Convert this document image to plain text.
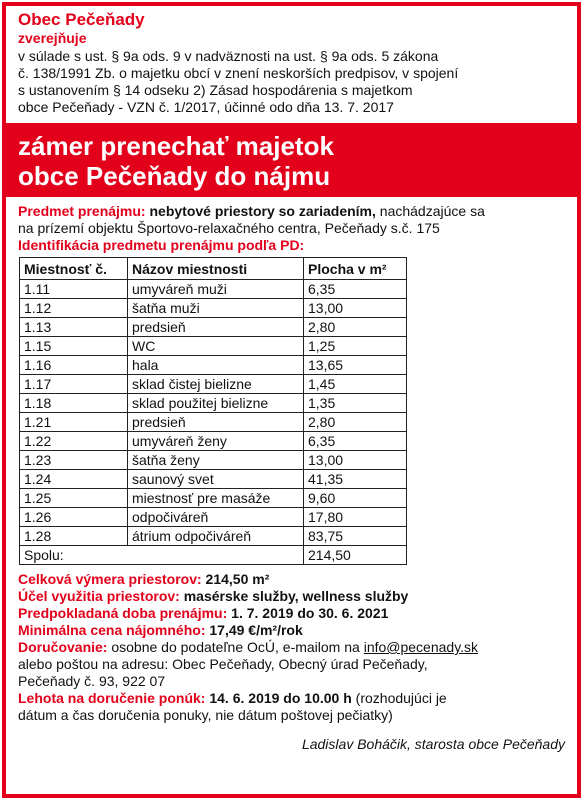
Obec Pečeňady
zverejňuje
v súlade s ust. § 9a ods. 9 v nadväznosti na ust. § 9a ods. 5 zákona
č. 138/1991 Zb. o majetku obcí v znení neskorších predpisov, v spojení
s ustanovením § 14 odseku 2) Zásad hospodárenia s majetkom
obce Pečeňady - VZN č. 1/2017, účinné odo dňa 13. 7. 2017
zámer prenechať majetok
obce Pečeňady do nájmu
Predmet prenájmu: nebytové priestory so zariadením, nachádzajúce sa
na prízemí objektu Športovo-relaxačného centra, Pečeňady s.č. 175
Identifikácia predmetu prenájmu podľa PD:
Miestnosť č.	Názov miestnosti	Plocha v m²
1.11	umyváreň muži	6,35
1.12	šatňa muži	13,00
1.13	predsieň	2,80
1.15	WC	1,25
1.16	hala	13,65
1.17	sklad čistej bielizne	1,45
1.18	sklad použitej bielizne	1,35
1.21	predsieň	2,80
1.22	umyváreň ženy	6,35
1.23	šatňa ženy	13,00
1.24	saunový svet	41,35
1.25	miestnosť pre masáže	9,60
1.26	odpočiváreň	17,80
1.28	átrium odpočiváreň	83,75
Spolu:		214,50

Celková výmera priestorov: 214,50 m²

Účel využitia priestorov: masérske služby, wellness služby

Predpokladaná doba prenájmu: 1. 7. 2019 do 30. 6. 2021

Minimálna cena nájomného: 17,49 €/m²/rok

Doručovanie: osobne do podateľne OcÚ, e-mailom na info@pecenady.sk

alebo poštou na adresu: Obec Pečeňady, Obecný úrad Pečeňady,

Pečeňady č. 93, 922 07

Lehota na doručenie ponúk: 14. 6. 2019 do 10.00 h (rozhodujúci je

dátum a čas doručenia ponuky, nie dátum poštovej pečiatky)

Ladislav Boháčik, starosta obce Pečeňady
